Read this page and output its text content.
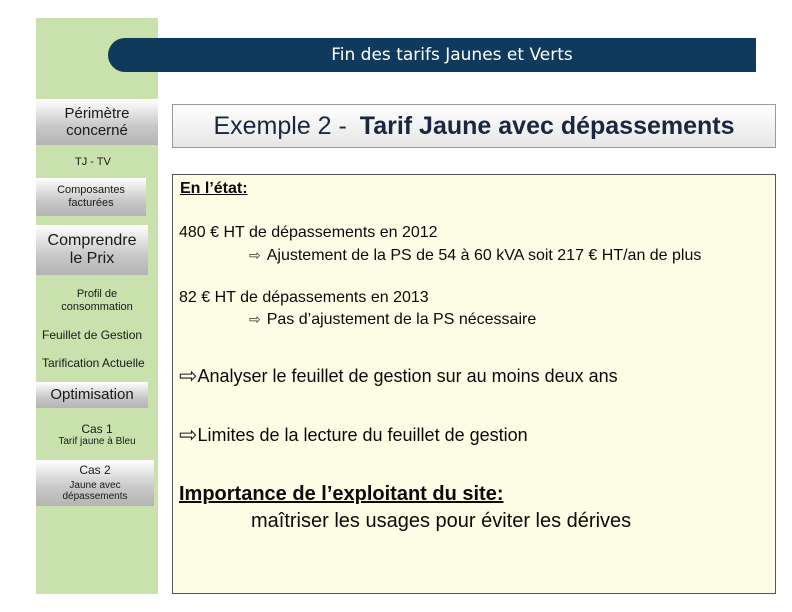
Fin des tarifs Jaunes et Verts
Périmètre
concerné
TJ - TV
Composantes
facturées
Comprendre
le Prix
Profil de
consommation
Feuillet de Gestion
Tarification Actuelle
Optimisation
Cas 1
Tarif jaune à Bleu
Cas 2
Jaune avec
dépassements
Exemple 2 - Tarif Jaune avec dépassements
En l’état:
480 € HT de dépassements en 2012
⇨ Ajustement de la PS de 54 à 60 kVA soit 217 € HT/an de plus
82 € HT de dépassements en 2013
⇨ Pas d’ajustement de la PS nécessaire
⇨Analyser le feuillet de gestion sur au moins deux ans
⇨Limites de la lecture du feuillet de gestion
Importance de l’exploitant du site:
maîtriser les usages pour éviter les dérives
